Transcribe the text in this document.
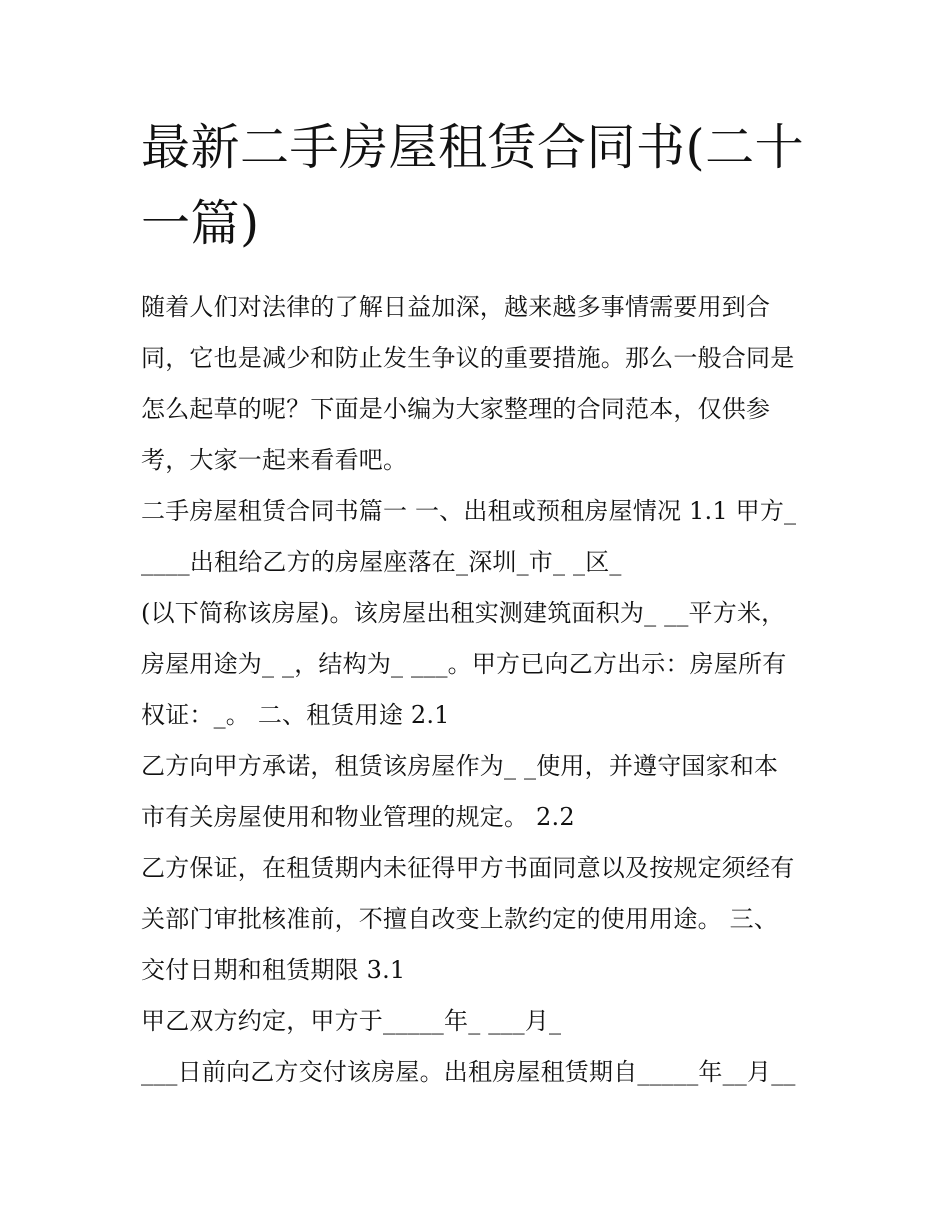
最新二手房屋租赁合同书(二十
一篇)
随着人们对法律的了解日益加深，越来越多事情需要用到合
同，它也是减少和防止发生争议的重要措施。那么一般合同是
怎么起草的呢？下面是小编为大家整理的合同范本，仅供参
考，大家一起来看看吧。
二手房屋租赁合同书篇一 一、出租或预租房屋情况 1.1 甲方_
____出租给乙方的房屋座落在_深圳_市_ _区_
(以下简称该房屋)。该房屋出租实测建筑面积为_ __平方米，
房屋用途为_ _，结构为_ ___。甲方已向乙方出示：房屋所有
权证：_。 二、租赁用途 2.1
乙方向甲方承诺，租赁该房屋作为_ _使用，并遵守国家和本
市有关房屋使用和物业管理的规定。 2.2
乙方保证，在租赁期内未征得甲方书面同意以及按规定须经有
关部门审批核准前，不擅自改变上款约定的使用用途。 三、
交付日期和租赁期限 3.1
甲乙双方约定，甲方于_____年_ ___月_
___日前向乙方交付该房屋。出租房屋租赁期自_____年__月__
